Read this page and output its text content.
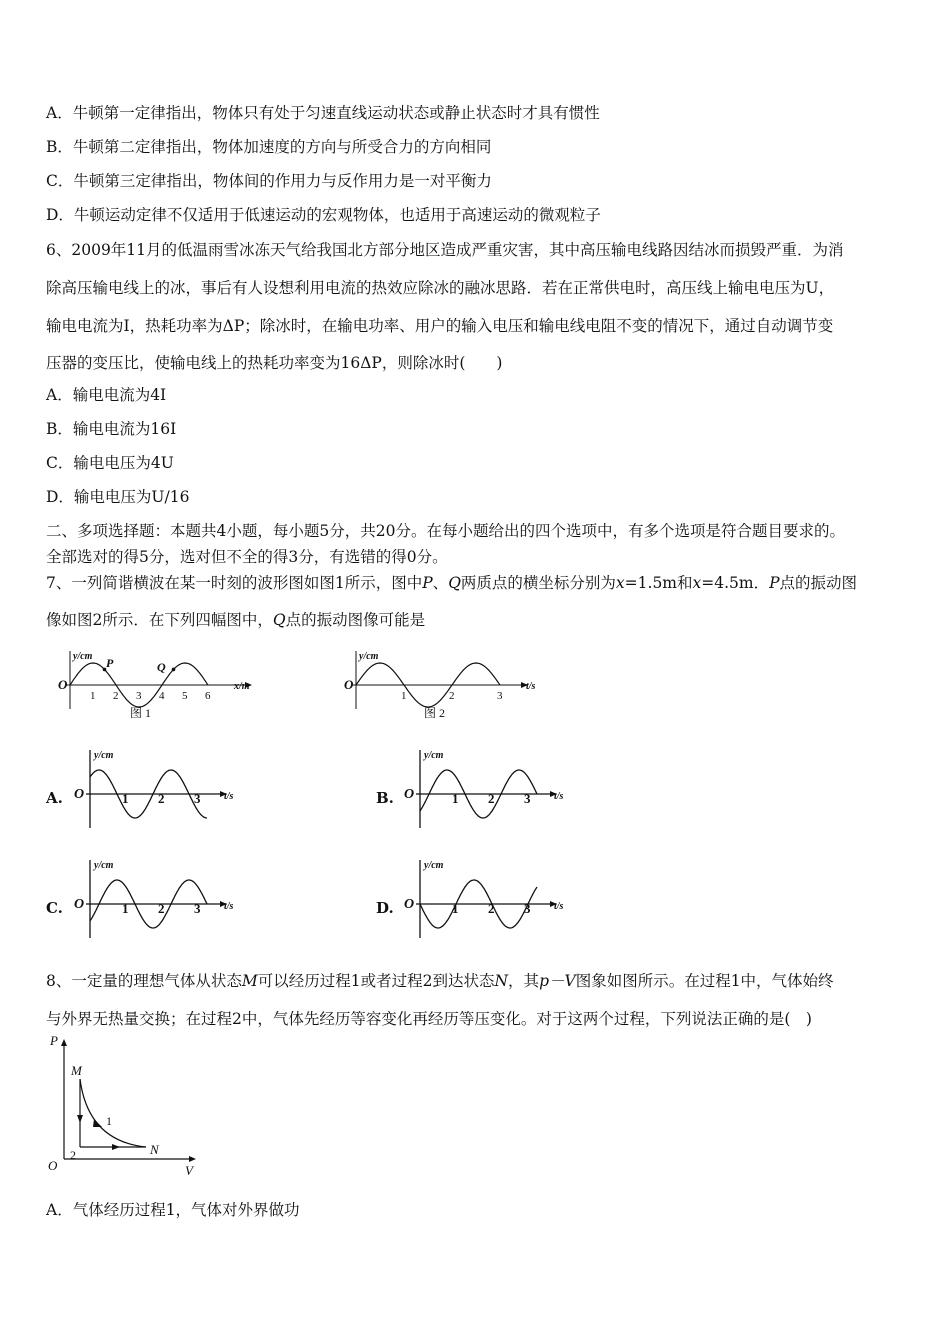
A．牛顿第一定律指出，物体只有处于匀速直线运动状态或静止状态时才具有惯性
B．牛顿第二定律指出，物体加速度的方向与所受合力的方向相同
C．牛顿第三定律指出，物体间的作用力与反作用力是一对平衡力
D．牛顿运动定律不仅适用于低速运动的宏观物体，也适用于高速运动的微观粒子
6、2009年11月的低温雨雪冰冻天气给我国北方部分地区造成严重灾害，其中高压输电线路因结冰而损毁严重．为消
除高压输电线上的冰，事后有人设想利用电流的热效应除冰的融冰思路．若在正常供电时，高压线上输电电压为U，
输电电流为I，热耗功率为ΔP；除冰时，在输电功率、用户的输入电压和输电线电阻不变的情况下，通过自动调节变
压器的变压比，使输电线上的热耗功率变为16ΔP，则除冰时(　　)
A．输电电流为4I
B．输电电流为16I
C．输电电压为4U
D．输电电压为U/16
二、多项选择题：本题共4小题，每小题5分，共20分。在每小题给出的四个选项中，有多个选项是符合题目要求的。
全部选对的得5分，选对但不全的得3分，有选错的得0分。
7、一列简谐横波在某一时刻的波形图如图1所示，图中P、Q两质点的横坐标分别为x=1.5m和x=4.5m．P点的振动图
像如图2所示．在下列四幅图中，Q点的振动图像可能是
y/cm
x/m
O
P	Q
1 2 3 4 5 6
图 1
y/cm
t/s
O
1	2	3
图 2
A.
y/cm
t/s
O	1 2 3	B.
y/cm
t/s
O	1 2 3
C.
y/cm
t/s
O	1 2 3	D.
y/cm
t/s
O	1 2 3
8、一定量的理想气体从状态M可以经历过程1或者过程2到达状态N，其p－V图象如图所示。在过程1中，气体始终
与外界无热量交换；在过程2中，气体先经历等容变化再经历等压变化。对于这两个过程，下列说法正确的是(　)
P
V
O
M
N
1
2
A．气体经历过程1，气体对外界做功
